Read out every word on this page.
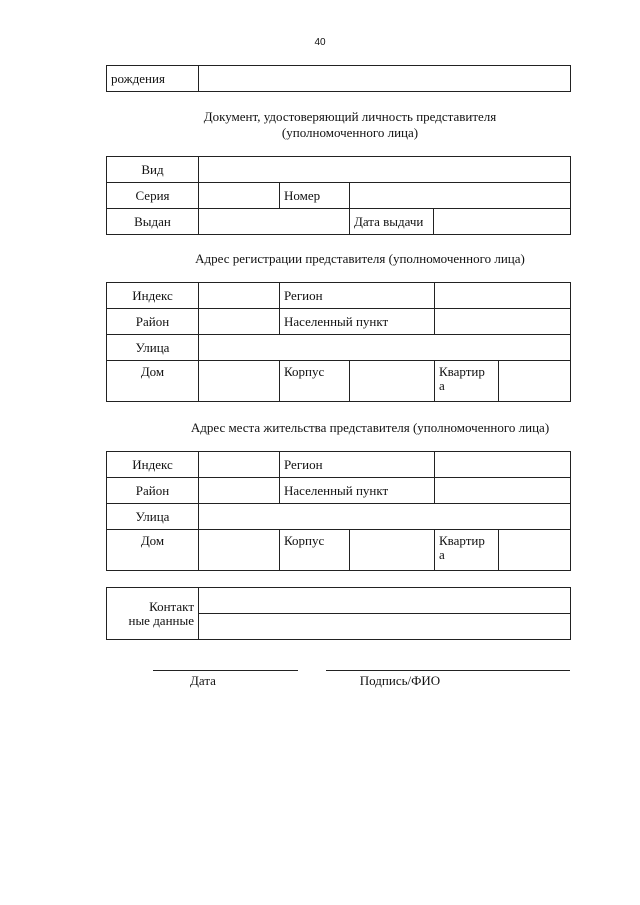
40
рождения	
Документ, удостоверяющий личность представителя
(уполномоченного лица)
Вид				
Серия		Номер		
Выдан			Дата выдачи	
Адрес регистрации представителя (уполномоченного лица)
Индекс		Регион			
Район		Населенный пункт			
Улица					
Дом		Корпус		Квартир
а	

Адрес места жительства представителя (уполномоченного лица)
Индекс		Регион			
Район		Населенный пункт			
Улица					
Дом		Корпус		Квартир
а	

Контакт
ные данные

Дата	Подпись/ФИО
